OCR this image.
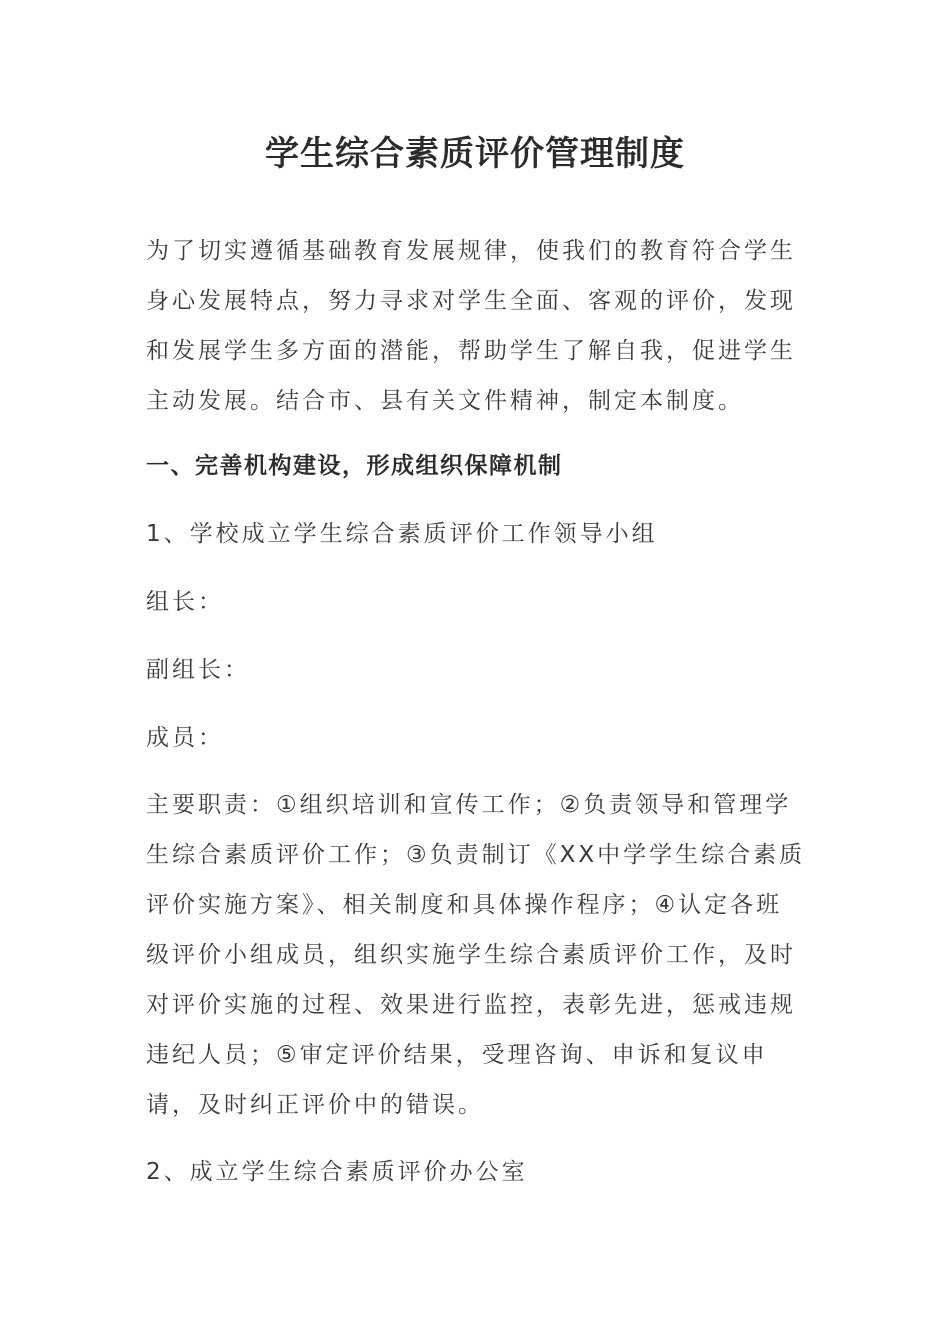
学生综合素质评价管理制度

为了切实遵循基础教育发展规律，使我们的教育符合学生身心发展特点，努力寻求对学生全面、客观的评价，发现和发展学生多方面的潜能，帮助学生了解自我，促进学生主动发展。结合市、县有关文件精神，制定本制度。

一、完善机构建设，形成组织保障机制

1、学校成立学生综合素质评价工作领导小组

组长：

副组长：

成员：

主要职责：①组织培训和宣传工作；②负责领导和管理学生综合素质评价工作；③负责制订《XX中学学生综合素质评价实施方案》、相关制度和具体操作程序；④认定各班级评价小组成员，组织实施学生综合素质评价工作，及时对评价实施的过程、效果进行监控，表彰先进，惩戒违规违纪人员；⑤审定评价结果，受理咨询、申诉和复议申请，及时纠正评价中的错误。

2、成立学生综合素质评价办公室
